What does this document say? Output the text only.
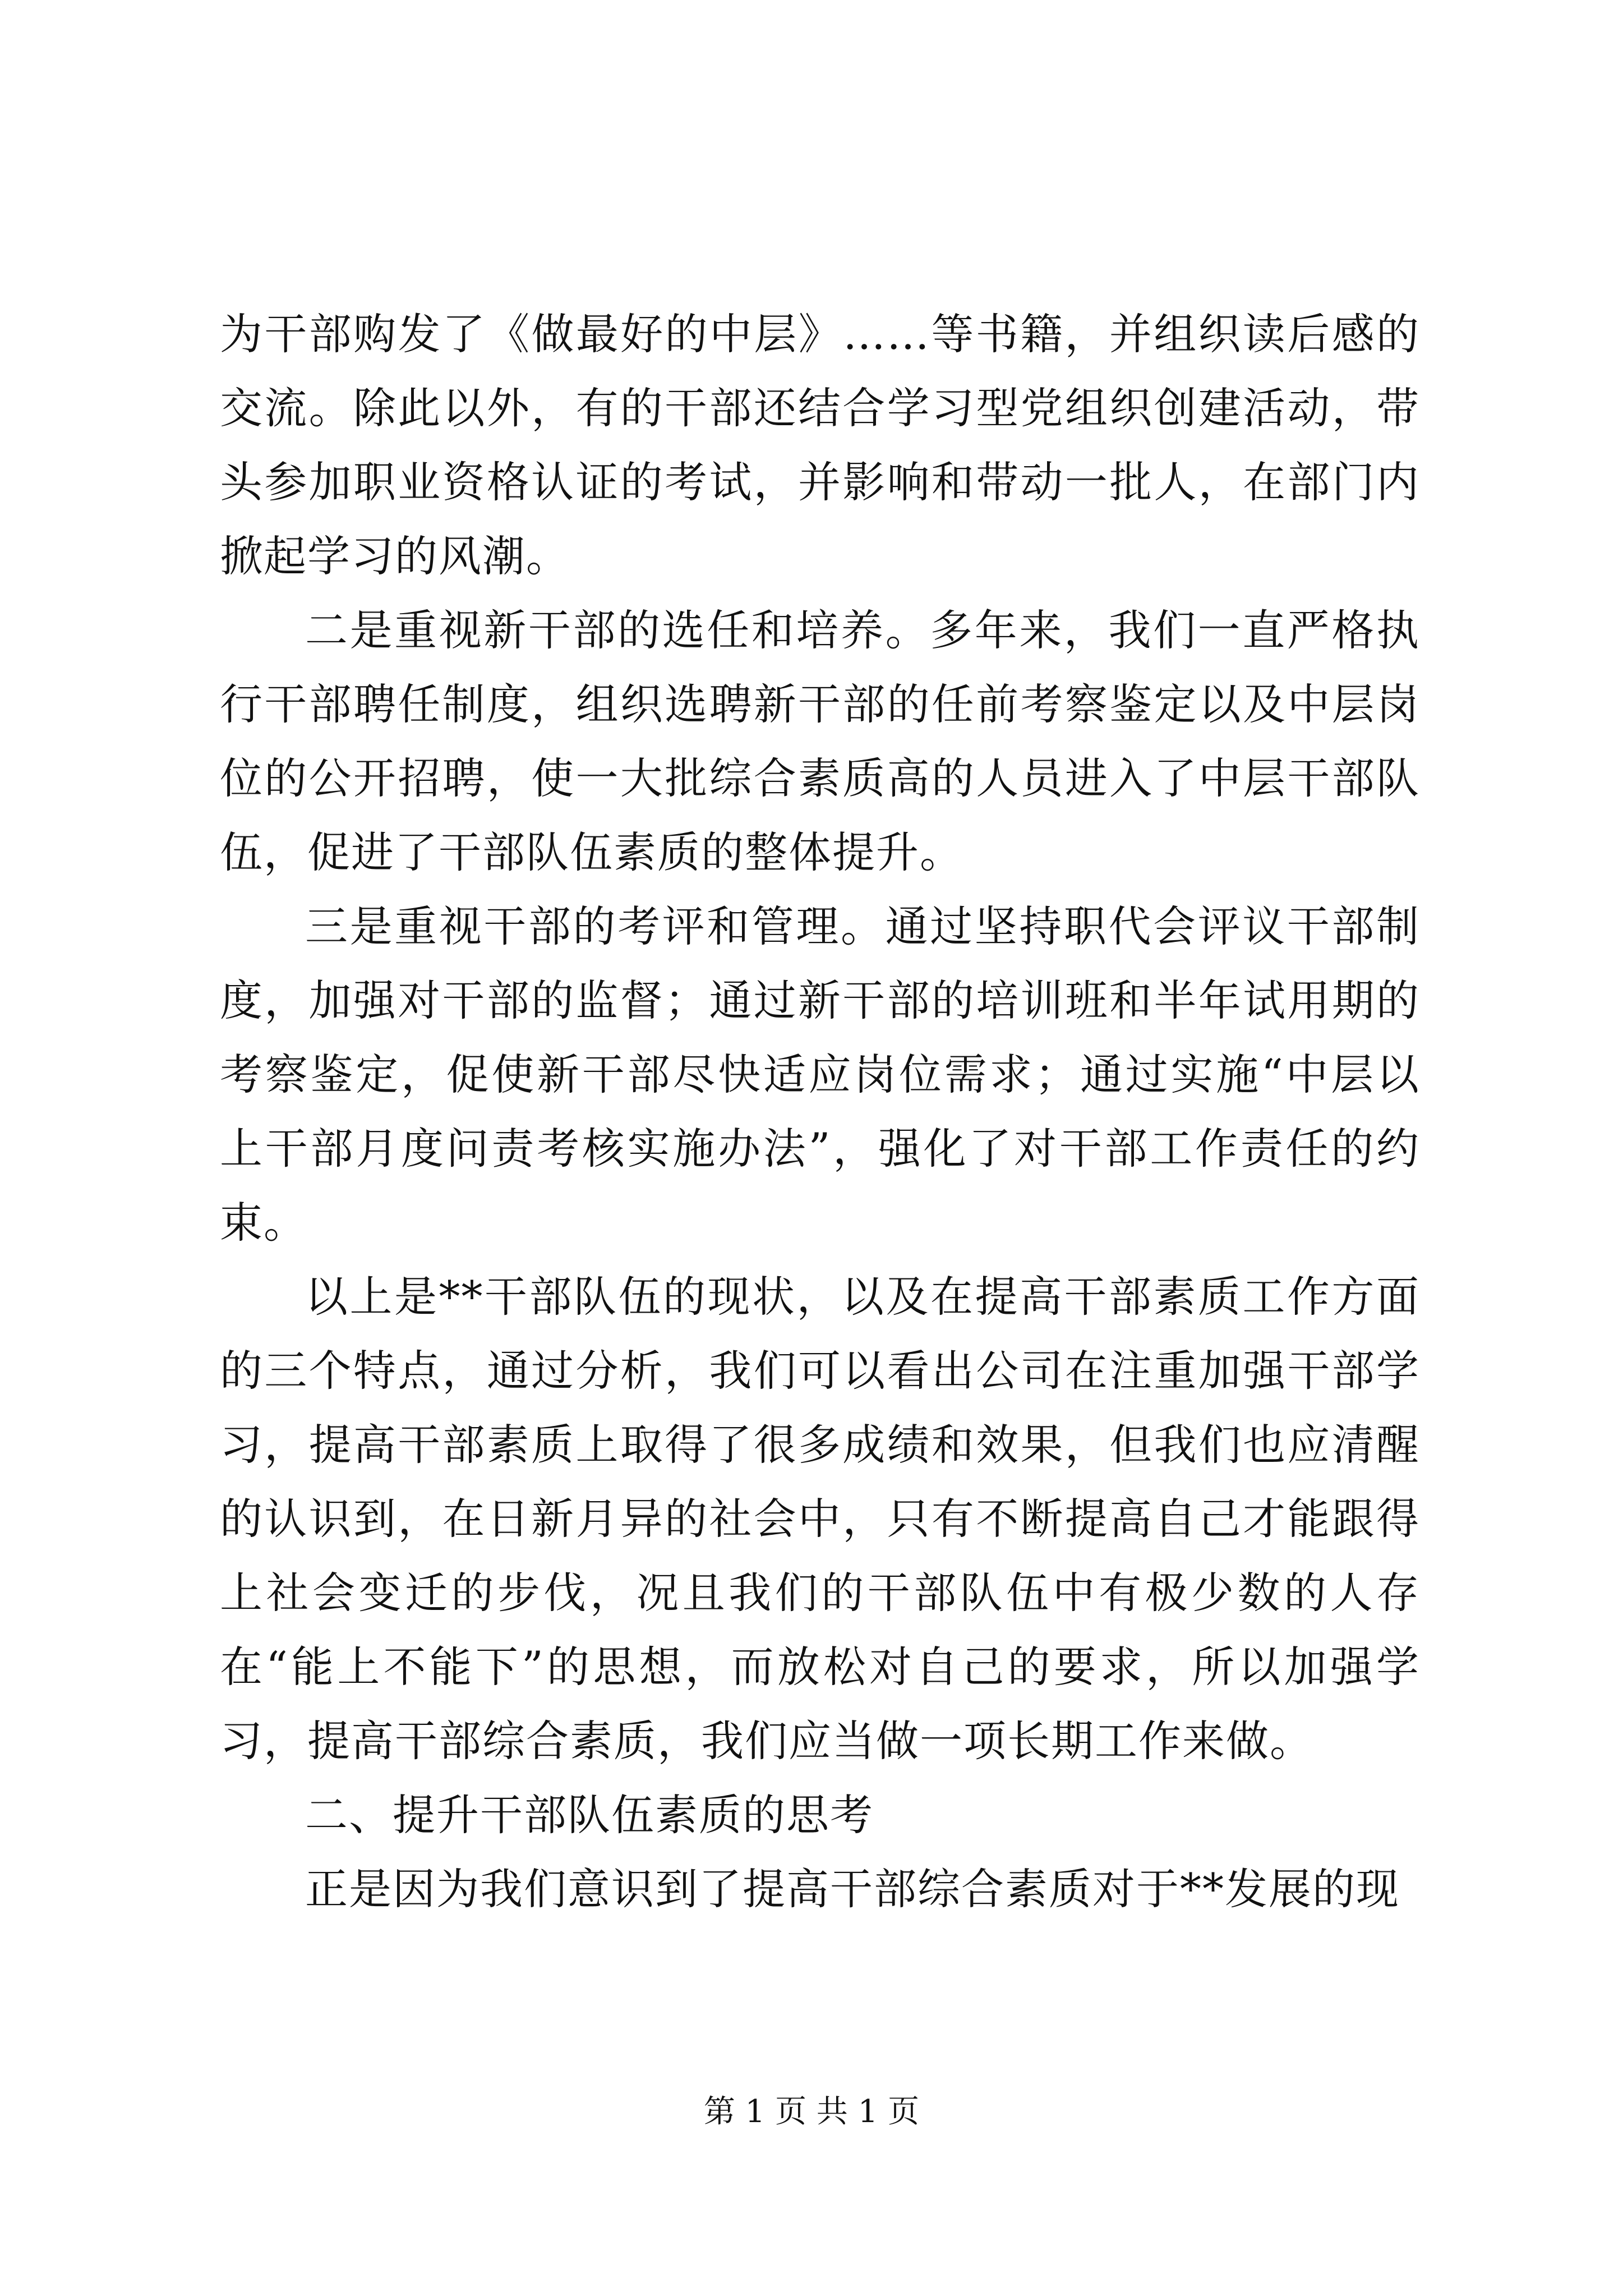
为干部购发了《做最好的中层》……等书籍，并组织读后感的交流。除此以外，有的干部还结合学习型党组织创建活动，带头参加职业资格认证的考试，并影响和带动一批人，在部门内掀起学习的风潮。

二是重视新干部的选任和培养。多年来，我们一直严格执行干部聘任制度，组织选聘新干部的任前考察鉴定以及中层岗位的公开招聘，使一大批综合素质高的人员进入了中层干部队伍，促进了干部队伍素质的整体提升。

三是重视干部的考评和管理。通过坚持职代会评议干部制度，加强对干部的监督；通过新干部的培训班和半年试用期的考察鉴定，促使新干部尽快适应岗位需求；通过实施“中层以上干部月度问责考核实施办法”，强化了对干部工作责任的约束。

以上是**干部队伍的现状，以及在提高干部素质工作方面的三个特点，通过分析，我们可以看出公司在注重加强干部学习，提高干部素质上取得了很多成绩和效果，但我们也应清醒的认识到，在日新月异的社会中，只有不断提高自己才能跟得上社会变迁的步伐，况且我们的干部队伍中有极少数的人存在“能上不能下”的思想，而放松对自己的要求，所以加强学习，提高干部综合素质，我们应当做一项长期工作来做。

二、提升干部队伍素质的思考

正是因为我们意识到了提高干部综合素质对于**发展的现

第 1 页 共 1 页
